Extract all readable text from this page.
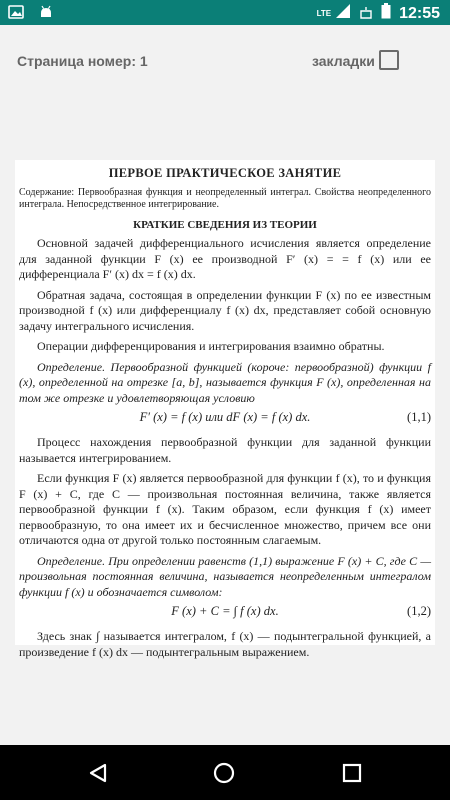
LTE	12:55
Страница номер: 1	закладки
ПЕРВОЕ ПРАКТИЧЕСКОЕ ЗАНЯТИЕ
Содержание: Первообразная функция и неопределенный интеграл. Свойства неопределенного интеграла. Непосредственное интегрирование.
КРАТКИЕ СВЕДЕНИЯ ИЗ ТЕОРИИ

Основной задачей дифференциального исчисления является определение для заданной функции F (x) ее производной F′ (x) = = f (x) или ее дифференциала F′ (x) dx = f (x) dx.

Обратная задача, состоящая в определении функции F (x) по ее известным производной f (x) или дифференциалу f (x) dx, представляет собой основную задачу интегрального исчисления.

Операции дифференцирования и интегрирования взаимно обратны.

Определение. Первообразной функцией (короче: первообразной) функции f (x), определенной на отрезке [a, b], называется функция F (x), определенная на том же отрезке и удовлетворяющая условию

F′ (x) = f (x) или dF (x) = f (x) dx.	(1,1)

Процесс нахождения первообразной функции для заданной функции называется интегрированием.

Если функция F (x) является первообразной для функции f (x), то и функция F (x) + C, где C — произвольная постоянная величина, также является первообразной функции f (x). Таким образом, если функция f (x) имеет первообразную, то она имеет их и бесчисленное множество, причем все они отличаются одна от другой только постоянным слагаемым.

Определение. При определении равенств (1,1) выражение F (x) + C, где C — произвольная постоянная величина, называется неопределенным интегралом функции f (x) и обозначается символом:

F (x) + C = ∫ f (x) dx.	(1,2)

Здесь знак ∫ называется интегралом, f (x) — подынтегральной функцией, а произведение f (x) dx — подынтегральным выражением.
